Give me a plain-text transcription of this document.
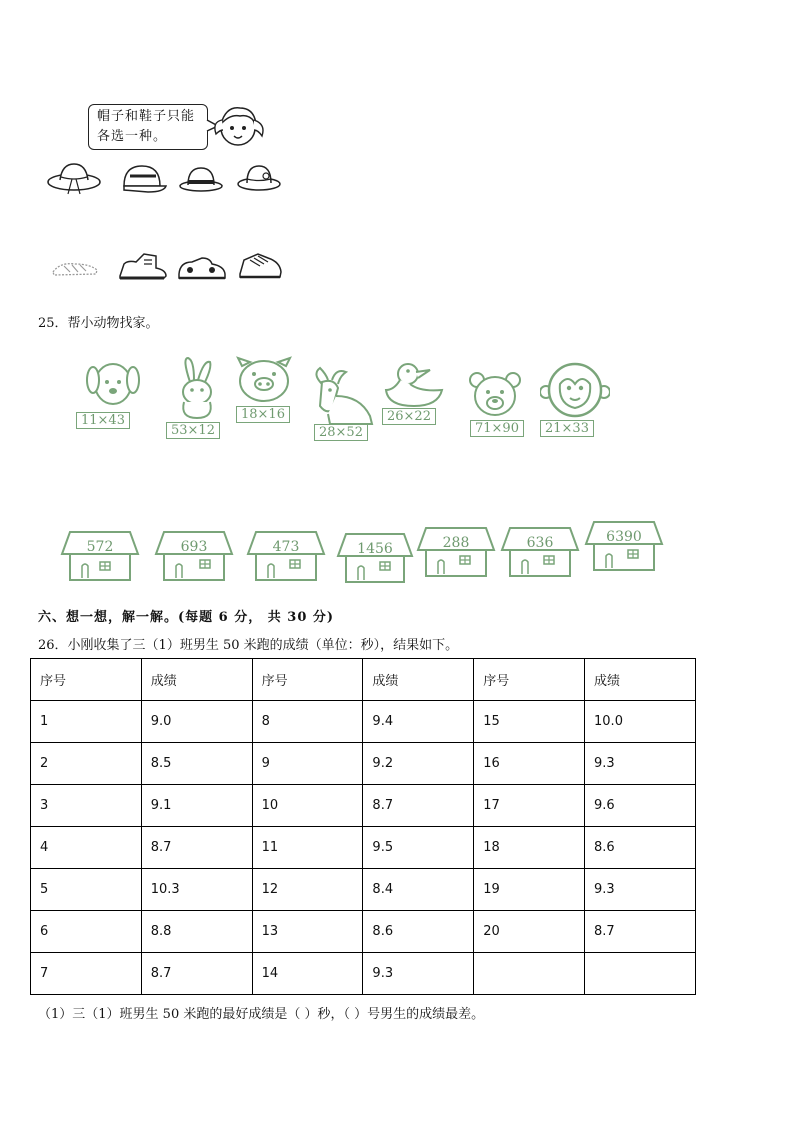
帽子和鞋子只能
各选一种。
25．帮小动物找家。
11×43
53×12
18×16
28×52
26×22
71×90	21×33
572	693	473	1456	288	636	6390
六、想一想，解一解。(每题 6 分， 共 30 分)
26．小刚收集了三（1）班男生 50 米跑的成绩（单位：秒），结果如下。
序号	成绩	序号	成绩	序号	成绩
1	9.0	8	9.4	15	10.0
2	8.5	9	9.2	16	9.3
3	9.1	10	8.7	17	9.6
4	8.7	11	9.5	18	8.6
5	10.3	12	8.4	19	9.3
6	8.8	13	8.6	20	8.7
7	8.7	14	9.3		
（1）三（1）班男生 50 米跑的最好成绩是（ ）秒，（ ）号男生的成绩最差。
